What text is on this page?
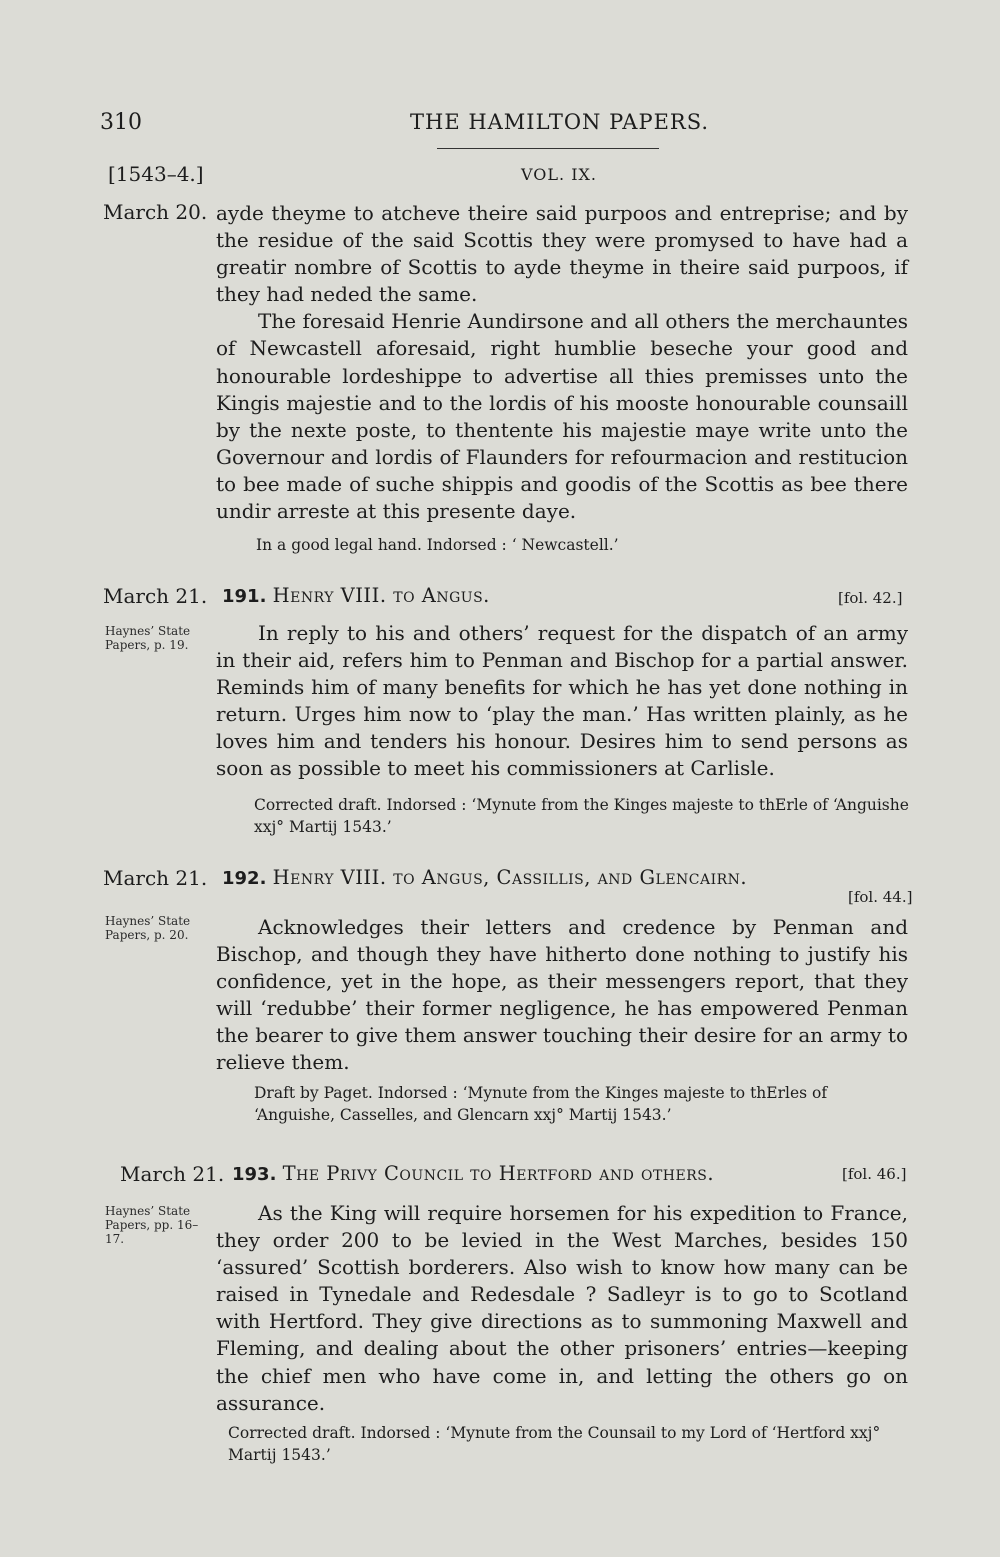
310	THE HAMILTON PAPERS.
[1543–4.]	VOL. IX.
March 20. ayde theyme to atcheve theire said purpoos and entreprise; and by the residue of the said Scottis they were promysed to have had a greatir nombre of Scottis to ayde theyme in theire said purpoos, if they had neded the same.

The foresaid Henrie Aundirsone and all others the merchauntes of Newcastell aforesaid, right humblie beseche your good and honourable lordeshippe to advertise all thies premisses unto the Kingis majestie and to the lordis of his mooste honourable counsaill by the nexte poste, to thentente his majestie maye write unto the Governour and lordis of Flaunders for refourmacion and restitucion to bee made of suche shippis and goodis of the Scottis as bee there undir arreste at this presente daye.

In a good legal hand. Indorsed : ‘ Newcastell.’
March 21. 191. Henry VIII. to Angus.	[fol. 42.]
Haynes’ State Papers, p. 19.	In reply to his and others’ request for the dispatch of an army in their aid, refers him to Penman and Bischop for a partial answer. Reminds him of many benefits for which he has yet done nothing in return. Urges him now to ‘play the man.’ Has written plainly, as he loves him and tenders his honour. Desires him to send persons as soon as possible to meet his commissioners at Carlisle.

Corrected draft. Indorsed : ‘Mynute from the Kinges majeste to thErle of ‘Anguishe xxj° Martij 1543.’
March 21. 192. Henry VIII. to Angus, Cassillis, and Glencairn.
[fol. 44.]
Haynes’ State Papers, p. 20.	Acknowledges their letters and credence by Penman and Bischop, and though they have hitherto done nothing to justify his confidence, yet in the hope, as their messengers report, that they will ‘redubbe’ their former negligence, he has empowered Penman the bearer to give them answer touching their desire for an army to relieve them.

Draft by Paget. Indorsed : ‘Mynute from the Kinges majeste to thErles of ‘Anguishe, Casselles, and Glencarn xxj° Martij 1543.’
March 21. 193. The Privy Council to Hertford and others.	[fol. 46.]
Haynes’ State Papers, pp. 16–17.

As the King will require horsemen for his expedition to France, they order 200 to be levied in the West Marches, besides 150 ‘assured’ Scottish borderers. Also wish to know how many can be raised in Tynedale and Redesdale ? Sadleyr is to go to Scotland with Hertford. They give directions as to summoning Maxwell and Fleming, and dealing about the other prisoners’ entries—keeping the chief men who have come in, and letting the others go on assurance.

Corrected draft. Indorsed : ‘Mynute from the Counsail to my Lord of ‘Hertford xxj° Martij 1543.’
